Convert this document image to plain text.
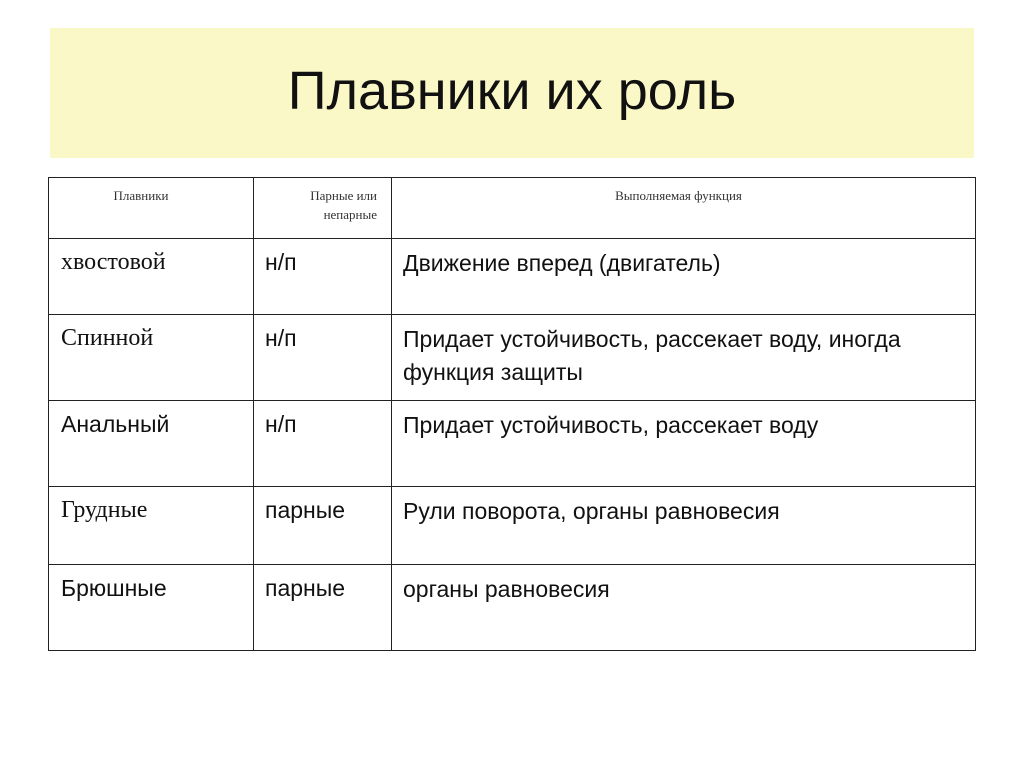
Плавники их роль
Плавники	Парные или непарные	Выполняемая функция
хвостовой	н/п	Движение вперед (двигатель)
Спинной	н/п	Придает устойчивость, рассекает воду, иногда функция защиты
Анальный	н/п	Придает устойчивость, рассекает воду
Грудные	парные	Рули поворота, органы равновесия
Брюшные	парные	органы равновесия
